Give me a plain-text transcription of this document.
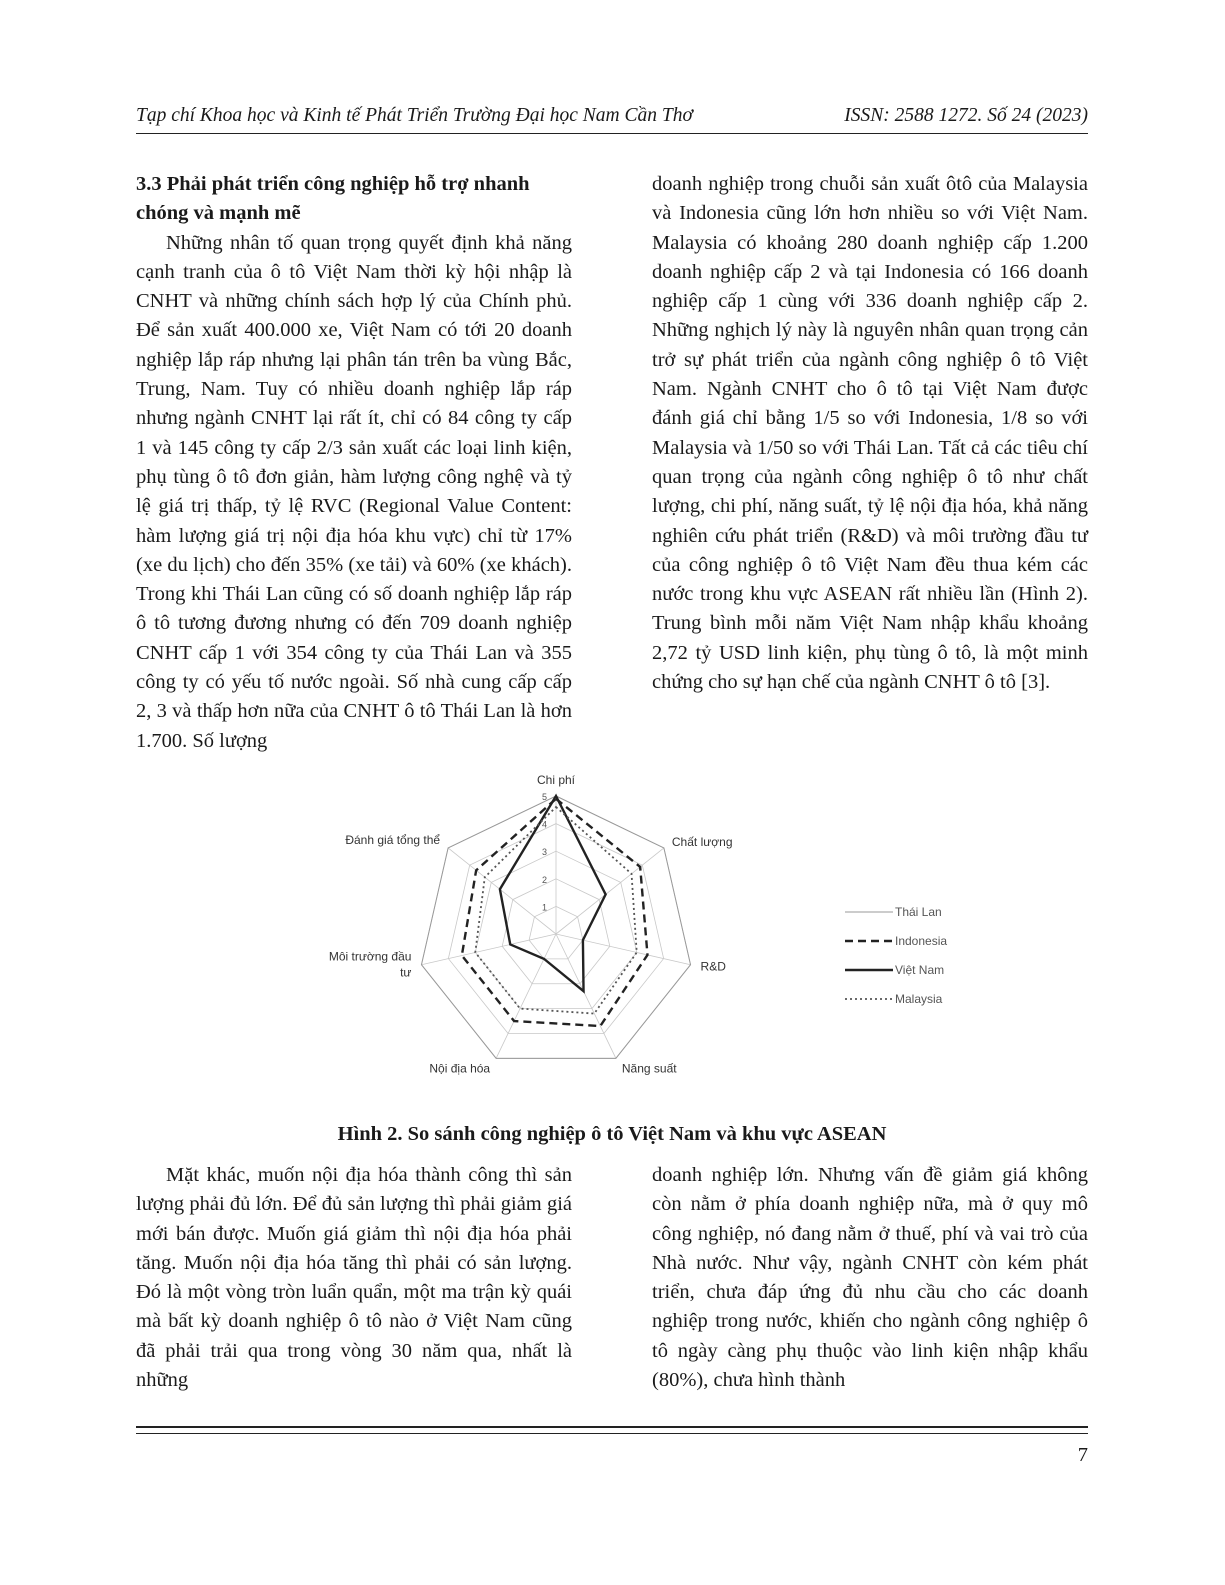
Tạp chí Khoa học và Kinh tế Phát Triển Trường Đại học Nam Cần Thơ	ISSN: 2588 1272. Số 24 (2023)

3.3 Phải phát triển công nghiệp hỗ trợ nhanh chóng và mạnh mẽ

Những nhân tố quan trọng quyết định khả năng cạnh tranh của ô tô Việt Nam thời kỳ hội nhập là CNHT và những chính sách hợp lý của Chính phủ. Để sản xuất 400.000 xe, Việt Nam có tới 20 doanh nghiệp lắp ráp nhưng lại phân tán trên ba vùng Bắc, Trung, Nam. Tuy có nhiều doanh nghiệp lắp ráp nhưng ngành CNHT lại rất ít, chỉ có 84 công ty cấp 1 và 145 công ty cấp 2/3 sản xuất các loại linh kiện, phụ tùng ô tô đơn giản, hàm lượng công nghệ và tỷ lệ giá trị thấp, tỷ lệ RVC (Regional Value Content: hàm lượng giá trị nội địa hóa khu vực) chỉ từ 17% (xe du lịch) cho đến 35% (xe tải) và 60% (xe khách). Trong khi Thái Lan cũng có số doanh nghiệp lắp ráp ô tô tương đương nhưng có đến 709 doanh nghiệp CNHT cấp 1 với 354 công ty của Thái Lan và 355 công ty có yếu tố nước ngoài. Số nhà cung cấp cấp 2, 3 và thấp hơn nữa của CNHT ô tô Thái Lan là hơn 1.700. Số lượng

doanh nghiệp trong chuỗi sản xuất ôtô của Malaysia và Indonesia cũng lớn hơn nhiều so với Việt Nam. Malaysia có khoảng 280 doanh nghiệp cấp 1.200 doanh nghiệp cấp 2 và tại Indonesia có 166 doanh nghiệp cấp 1 cùng với 336 doanh nghiệp cấp 2. Những nghịch lý này là nguyên nhân quan trọng cản trở sự phát triển của ngành công nghiệp ô tô Việt Nam. Ngành CNHT cho ô tô tại Việt Nam được đánh giá chỉ bằng 1/5 so với Indonesia, 1/8 so với Malaysia và 1/50 so với Thái Lan. Tất cả các tiêu chí quan trọng của ngành công nghiệp ô tô như chất lượng, chi phí, năng suất, tỷ lệ nội địa hóa, khả năng nghiên cứu phát triển (R&D) và môi trường đầu tư của công nghiệp ô tô Việt Nam đều thua kém các nước trong khu vực ASEAN rất nhiều lần (Hình 2). Trung bình mỗi năm Việt Nam nhập khẩu khoảng 2,72 tỷ USD linh kiện, phụ tùng ô tô, là một minh chứng cho sự hạn chế của ngành CNHT ô tô [3].

1
2
3
4
5
Chi phí
Chất lượng
R&D
Năng suất
Nội địa hóa
Môi trường đầu
tư
Đánh giá tổng thể
Thái Lan
Indonesia
Việt Nam
Malaysia
Hình 2. So sánh công nghiệp ô tô Việt Nam và khu vực ASEAN

Mặt khác, muốn nội địa hóa thành công thì sản lượng phải đủ lớn. Để đủ sản lượng thì phải giảm giá mới bán được. Muốn giá giảm thì nội địa hóa phải tăng. Muốn nội địa hóa tăng thì phải có sản lượng. Đó là một vòng tròn luẩn quẩn, một ma trận kỳ quái mà bất kỳ doanh nghiệp ô tô nào ở Việt Nam cũng đã phải trải qua trong vòng 30 năm qua, nhất là những

doanh nghiệp lớn. Nhưng vấn đề giảm giá không còn nằm ở phía doanh nghiệp nữa, mà ở quy mô công nghiệp, nó đang nằm ở thuế, phí và vai trò của Nhà nước. Như vậy, ngành CNHT còn kém phát triển, chưa đáp ứng đủ nhu cầu cho các doanh nghiệp trong nước, khiến cho ngành công nghiệp ô tô ngày càng phụ thuộc vào linh kiện nhập khẩu (80%), chưa hình thành

7
